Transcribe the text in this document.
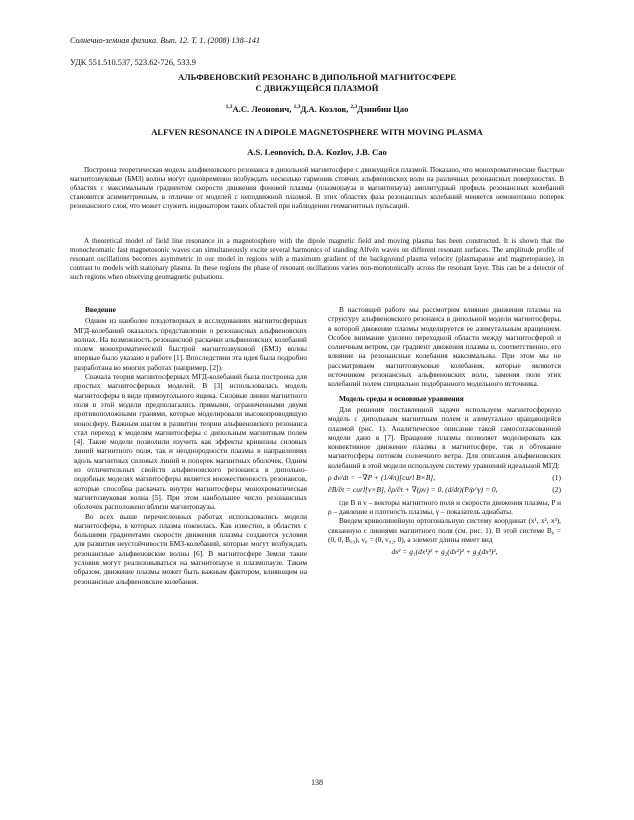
Солнечно-земная физика. Вып. 12. Т. 1. (2008) 138–141
УДК 551.510.537, 523.62-726, 533.9
АЛЬФВЕНОВСКИЙ РЕЗОНАНС В ДИПОЛЬНОЙ МАГНИТОСФЕРЕ
С ДВИЖУЩЕЙСЯ ПЛАЗМОЙ
$^{1,3}$А.С. Леонович, $^{1,3}$Д.А. Козлов, $^{2,3}$Дзинбин Цао
ALFVEN RESONANCE IN A DIPOLE MAGNETOSPHERE WITH MOVING PLASMA
A.S. Leonovich, D.A. Kozlov, J.B. Cao

Построена теоретическая модель альфвеновского резонанса в дипольной магнитосфере с движущейся плазмой. Показано, что монохроматические быстрые магнитозвуковые (БМЗ) волны могут одновременно возбуждать несколько гармоник стоячих альфвеновских волн на различных резонансных поверхностях. В областях с максимальным градиентом скорости движения фоновой плазмы (плазмопауза и магнитопауза) амплитудный профиль резонансных колебаний становится асимметричным, в отличие от моделей с неподвижной плазмой. В этих областях фаза резонансных колебаний меняется немонотонно поперек резонансного слоя, что может служить индикатором таких областей при наблюдении геомагнитных пульсаций.

A theoretical model of field line resonance in a magnetosphere with the dipole magnetic field and moving plasma has been constructed. It is shown that the monochromatic fast magnetosonic waves can simultaneously excite several harmonics of standing Alfvén waves on different resonant surfaces. The amplitude profile of resonant oscillations becomes asymmetric in our model in regions with a maximum gradient of the background plasma velocity (plasmapause and magnetopause), in contrast to models with stationary plasma. In these regions the phase of resonant oscillations varies non-monotonically across the resonant layer. This can be a detector of such regions when observing geomagnetic pulsations.

Введение

Одним из наиболее плодотворных в исследованиях магнитосферных МГД-колебаний оказалось представление о резонансных альфвеновских волнах. На возможность резонансной раскачки альфвеновских колебаний полем монохроматической быстрой магнитозвуковой (БМЗ) волны впервые было указано в работе [1]. Впоследствии эта идея была подробно разработана во многих работах (например, [2]).

Сначала теория магнитосферных МГД-колебаний была построена для простых магнитосферных моделей. В [3] использовалась модель магнитосферы в виде прямоугольного ящика. Силовые линии магнитного поля в этой модели предполагались прямыми, ограниченными двумя противоположными гранями, которые моделировали высокопроводящую ионосферу. Важным шагом в развитии теории альфвеновского резонанса стал переход к моделям магнитосферы с дипольным магнитным полем [4]. Такие модели позволили изучить как эффекты кривизны силовых линий магнитного поля, так и неоднородности плазмы в направлениях вдоль магнитных силовых линий и поперек магнитных оболочек. Одним из отличительных свойств альфвеновского резонанса в дипольно-подобных моделях магнитосферы является множественность резонансов, которые способна раскачать внутри магнитосферы монохроматическая магнитозвуковая волна [5]. При этом наибольшее число резонансных оболочек расположено вблизи магнитопаузы.

Во всех выше перечисленных работах использовались модели магнитосферы, в которых плазма покоилась. Как известно, в областях с большими градиентами скорости движения плазмы создаются условия для развития неустойчивости БМЗ-колебаний, которые могут возбуждать резонансные альфвеновские волны [6]. В магнитосфере Земли такие условия могут реализовываться на магнитопаузе и плазмопаузе. Таким образом, движение плазмы может быть важным фактором, влияющим на резонансные альфвеновские колебания.

В настоящей работе мы рассмотрим влияние движения плазмы на структуру альфвеновского резонанса в дипольной модели магнитосферы, в которой движение плазмы моделируется ее азимутальным вращением. Особое внимание уделено переходной области между магнитосферой и солнечным ветром, где градиент движения плазмы и, соответственно, его влияние на резонансные колебания максимальны. При этом мы не рассматриваем магнитозвуковые колебания, которые являются источником резонансных альфвеновских волн, заменяя поле этих колебаний полем специально подобранного модельного источника.

Модель среды и основные уравнения

Для решения поставленной задачи используем магнитосферную модель с дипольным магнитным полем и азимутально вращающейся плазмой (рис. 1). Аналитическое описание такой самосогласованной модели дано в [7]. Вращение плазмы позволяет моделировать как конвективное движение плазмы в магнитосфере, так и обтекание магнитосферы потоком солнечного ветра. Для описания альфвеновских колебаний в этой модели используем систему уравнений идеальной МГД:

ρ dv/dt = −∇P + (1/4π)[curl B×B],	(1)
∂B/∂t = curl[v×B], ∂ρ/∂t + ∇(ρv) = 0, (d/dt)(P/ρ^γ) = 0,	(2)

где B и v – векторы магнитного поля и скорости движения плазмы, P и ρ – давление и плотность плазмы, γ – показатель адиабаты.

Введем криволинейную ортогональную систему координат (x¹, x², x³), связанную с линиями магнитного поля (см. рис. 1). В этой системе B₀ = (0, 0, B₀₃), v₀ = (0, v₀₂, 0), а элемент длины имеет вид

ds² = g₁(dx¹)² + g₂(dx²)² + g₃(dx³)²,
138
